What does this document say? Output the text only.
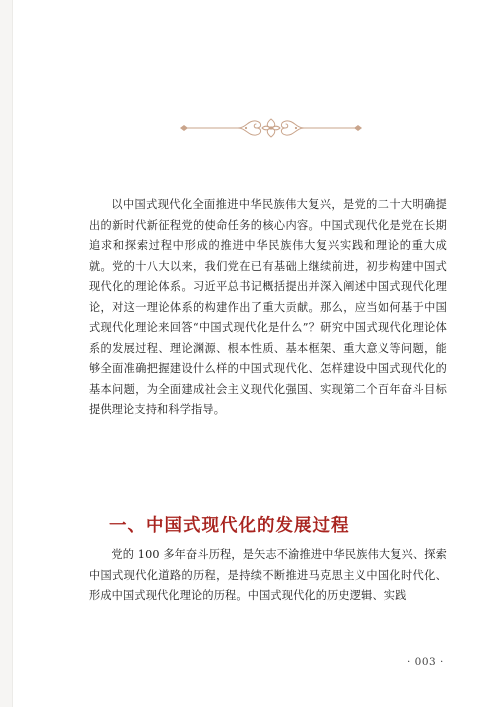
以中国式现代化全面推进中华民族伟大复兴，是党的二十大明确提出的新时代新征程党的使命任务的核心内容。中国式现代化是党在长期追求和探索过程中形成的推进中华民族伟大复兴实践和理论的重大成就。党的十八大以来，我们党在已有基础上继续前进，初步构建中国式现代化的理论体系。习近平总书记概括提出并深入阐述中国式现代化理论，对这一理论体系的构建作出了重大贡献。那么，应当如何基于中国式现代化理论来回答“中国式现代化是什么”？研究中国式现代化理论体系的发展过程、理论渊源、根本性质、基本框架、重大意义等问题，能够全面准确把握建设什么样的中国式现代化、怎样建设中国式现代化的基本问题，为全面建成社会主义现代化强国、实现第二个百年奋斗目标提供理论支持和科学指导。

一、中国式现代化的发展过程

党的 100 多年奋斗历程，是矢志不渝推进中华民族伟大复兴、探索中国式现代化道路的历程，是持续不断推进马克思主义中国化时代化、形成中国式现代化理论的历程。中国式现代化的历史逻辑、实践

· 003 ·
